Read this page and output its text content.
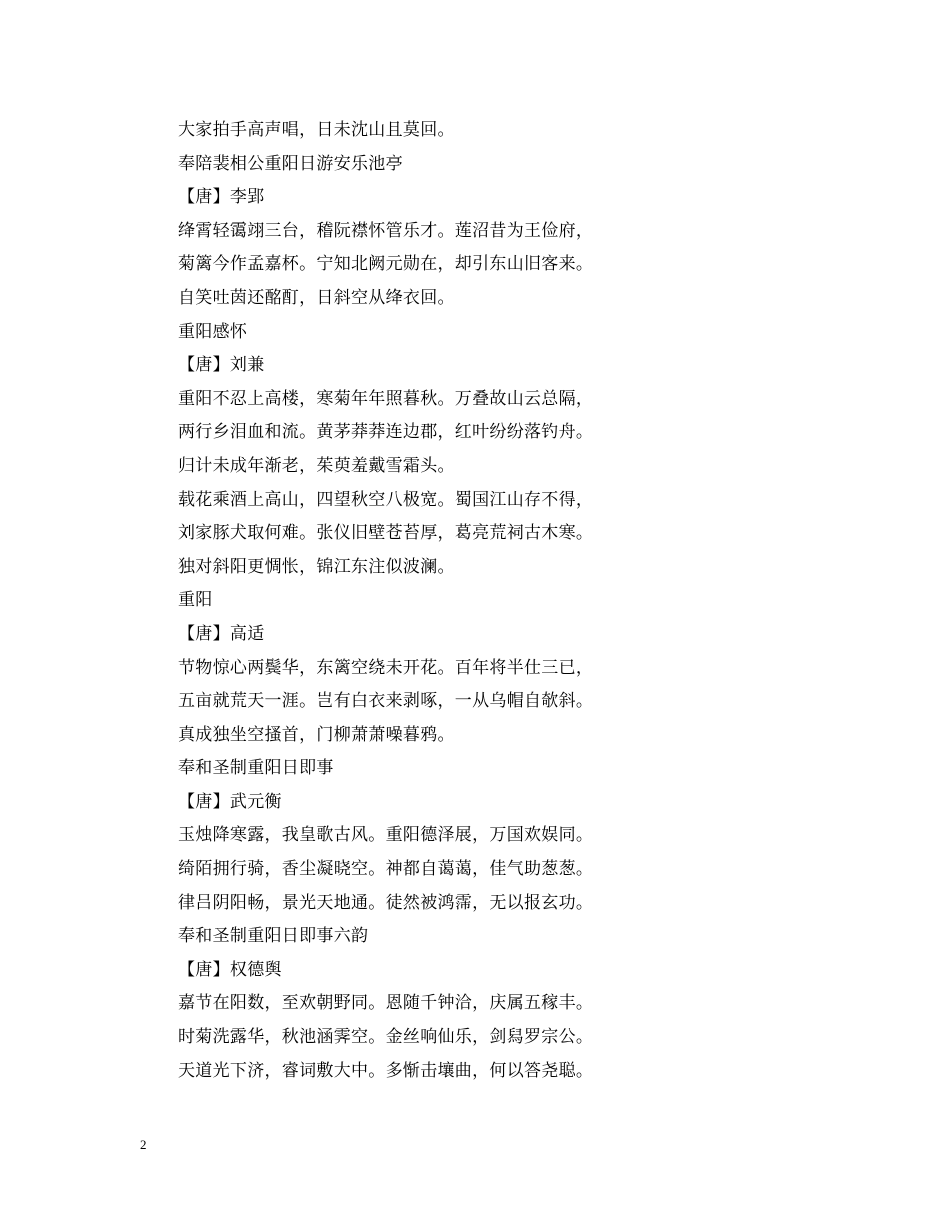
大家拍手高声唱，日未沈山且莫回。
奉陪裴相公重阳日游安乐池亭
【唐】李郢
绛霄轻霭翊三台，稽阮襟怀管乐才。莲沼昔为王俭府，
菊篱今作孟嘉杯。宁知北阙元勋在，却引东山旧客来。
自笑吐茵还酩酊，日斜空从绛衣回。
重阳感怀
【唐】刘兼
重阳不忍上高楼，寒菊年年照暮秋。万叠故山云总隔，
两行乡泪血和流。黄茅莽莽连边郡，红叶纷纷落钓舟。
归计未成年渐老，茱萸羞戴雪霜头。
载花乘酒上高山，四望秋空八极宽。蜀国江山存不得，
刘家豚犬取何难。张仪旧壁苍苔厚，葛亮荒祠古木寒。
独对斜阳更惆怅，锦江东注似波澜。
重阳
【唐】高适
节物惊心两鬓华，东篱空绕未开花。百年将半仕三已，
五亩就荒天一涯。岂有白衣来剥啄，一从乌帽自欹斜。
真成独坐空搔首，门柳萧萧噪暮鸦。
奉和圣制重阳日即事
【唐】武元衡
玉烛降寒露，我皇歌古风。重阳德泽展，万国欢娱同。
绮陌拥行骑，香尘凝晓空。神都自蔼蔼，佳气助葱葱。
律吕阴阳畅，景光天地通。徒然被鸿霈，无以报玄功。
奉和圣制重阳日即事六韵
【唐】权德舆
嘉节在阳数，至欢朝野同。恩随千钟洽，庆属五稼丰。
时菊洗露华，秋池涵霁空。金丝响仙乐，剑舄罗宗公。
天道光下济，睿词敷大中。多惭击壤曲，何以答尧聪。
2
